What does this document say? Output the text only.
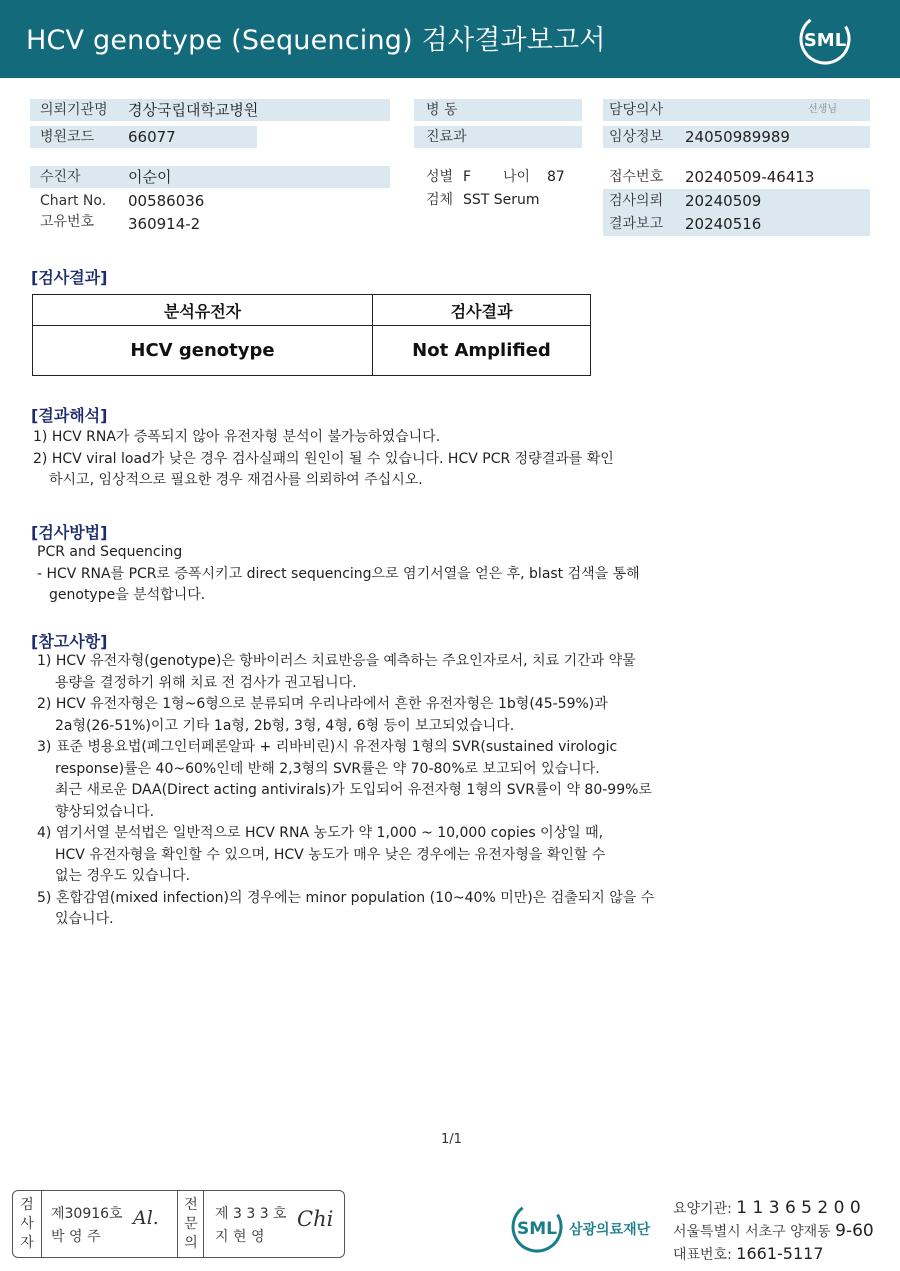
HCV genotype (Sequencing) 검사결과보고서	SML
의뢰기관명 경상국립대학교병원
병원코드 66077
병 동
진료과
담당의사	선생님
임상정보 24050989989
수진자	이순이
Chart No. 00586036
고유번호 360914-2
성별 F 나이 87
검체 SST Serum
접수번호 20240509-46413
검사의뢰 20240509
결과보고 20240516
[검사결과]
분석유전자	검사결과
HCV genotype	Not Amplified
[결과해석]
1) HCV RNA가 증폭되지 않아 유전자형 분석이 불가능하였습니다.
2) HCV viral load가 낮은 경우 검사실패의 원인이 될 수 있습니다. HCV PCR 정량결과를 확인
하시고, 임상적으로 필요한 경우 재검사를 의뢰하여 주십시오.
[검사방법]
PCR and Sequencing
- HCV RNA를 PCR로 증폭시키고 direct sequencing으로 염기서열을 얻은 후, blast 검색을 통해
genotype을 분석합니다.
[참고사항]
1) HCV 유전자형(genotype)은 항바이러스 치료반응을 예측하는 주요인자로서, 치료 기간과 약물
용량을 결정하기 위해 치료 전 검사가 권고됩니다.
2) HCV 유전자형은 1형~6형으로 분류되며 우리나라에서 흔한 유전자형은 1b형(45-59%)과
2a형(26-51%)이고 기타 1a형, 2b형, 3형, 4형, 6형 등이 보고되었습니다.
3) 표준 병용요법(페그인터페론알파 + 리바비린)시 유전자형 1형의 SVR(sustained virologic
response)률은 40~60%인데 반해 2,3형의 SVR률은 약 70-80%로 보고되어 있습니다.
최근 새로운 DAA(Direct acting antivirals)가 도입되어 유전자형 1형의 SVR률이 약 80-99%로
향상되었습니다.
4) 염기서열 분석법은 일반적으로 HCV RNA 농도가 약 1,000 ~ 10,000 copies 이상일 때,
HCV 유전자형을 확인할 수 있으며, HCV 농도가 매우 낮은 경우에는 유전자형을 확인할 수
없는 경우도 있습니다.
5) 혼합감염(mixed infection)의 경우에는 minor population (10~40% 미만)은 검출되지 않을 수
있습니다.
1/1
검
사
자
제30916호
박 영 주
Al.
전
문
의
제 3 3 3 호
지 현 영
Chi	SML 삼광의료재단
요양기관: 1 1 3 6 5 2 0 0
서울특별시 서초구 양재동 9-60
대표번호: 1661-5117
